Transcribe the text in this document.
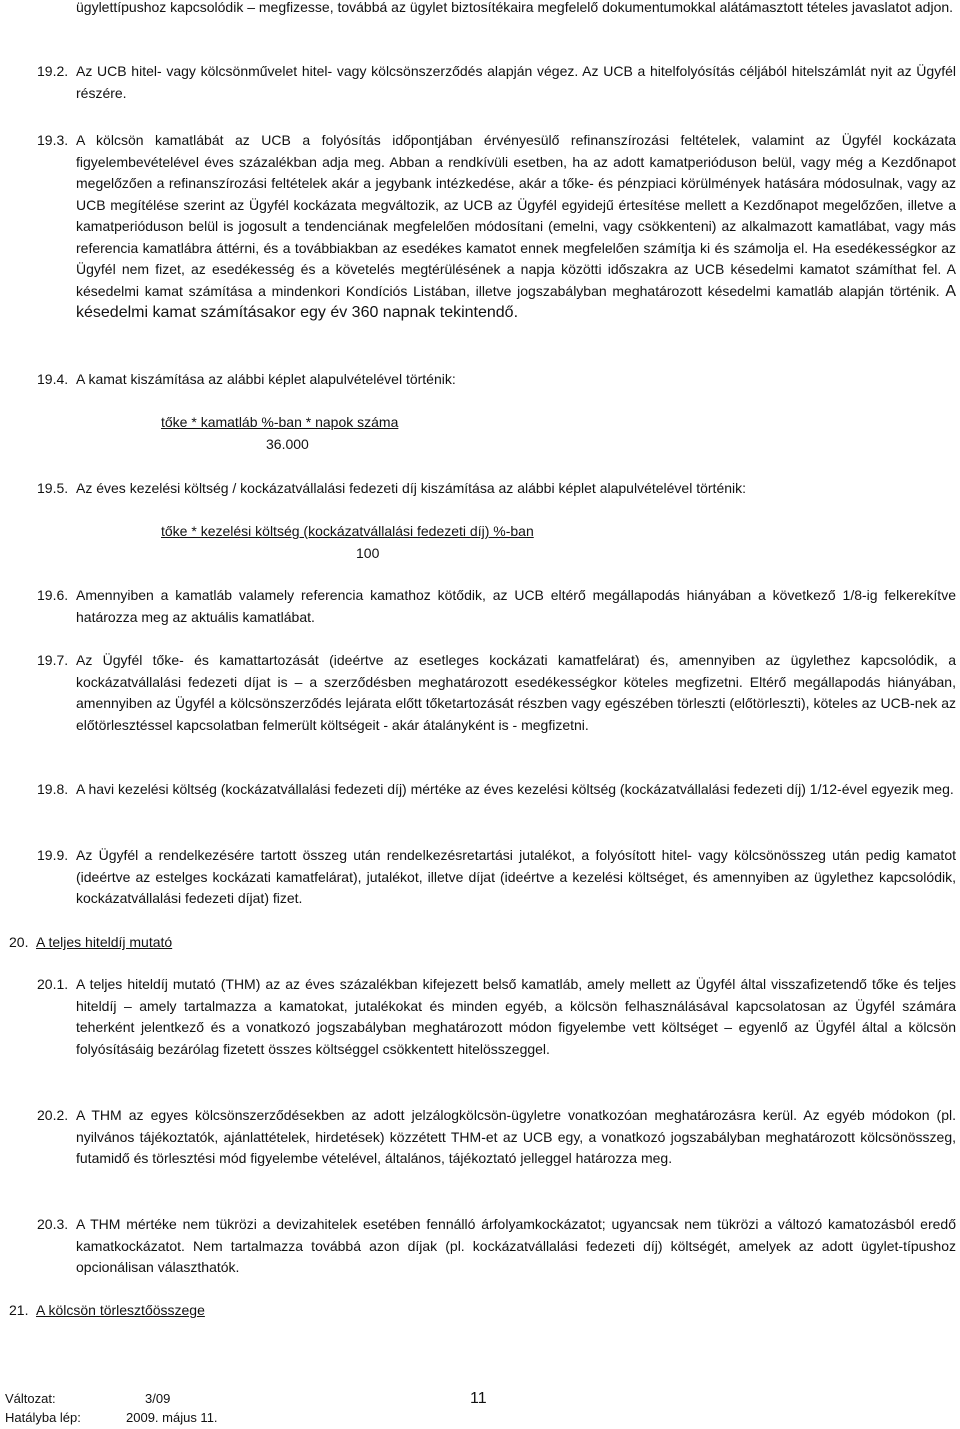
ügylettípushoz kapcsolódik – megfizesse, továbbá az ügylet biztosítékaira megfelelő dokumentumokkal alátámasztott tételes javaslatot adjon.
19.2. Az UCB hitel- vagy kölcsönművelet hitel- vagy kölcsönszerződés alapján végez. Az UCB a hitelfolyósítás céljából hitelszámlát nyit az Ügyfél részére.
19.3. A kölcsön kamatlábát az UCB a folyósítás időpontjában érvényesülő refinanszírozási feltételek, valamint az Ügyfél kockázata figyelembevételével éves százalékban adja meg. Abban a rendkívüli esetben, ha az adott kamatperióduson belül, vagy még a Kezdőnapot megelőzően a refinanszírozási feltételek akár a jegybank intézkedése, akár a tőke- és pénzpiaci körülmények hatására módosulnak, vagy az UCB megítélése szerint az Ügyfél kockázata megváltozik, az UCB az Ügyfél egyidejű értesítése mellett a Kezdőnapot megelőzően, illetve a kamatperióduson belül is jogosult a tendenciának megfelelően módosítani (emelni, vagy csökkenteni) az alkalmazott kamatlábat, vagy más referencia kamatlábra áttérni, és a továbbiakban az esedékes kamatot ennek megfelelően számítja ki és számolja el. Ha esedékességkor az Ügyfél nem fizet, az esedékesség és a követelés megtérülésének a napja közötti időszakra az UCB késedelmi kamatot számíthat fel. A késedelmi kamat számítása a mindenkori Kondíciós Listában, illetve jogszabályban meghatározott késedelmi kamatláb alapján történik. A késedelmi kamat számításakor egy év 360 napnak tekintendő.
19.4. A kamat kiszámítása az alábbi képlet alapulvételével történik:
tőke * kamatláb %-ban * napok száma
36.000
19.5. Az éves kezelési költség / kockázatvállalási fedezeti díj kiszámítása az alábbi képlet alapulvételével történik:
tőke * kezelési költség (kockázatvállalási fedezeti díj) %-ban
100
19.6. Amennyiben a kamatláb valamely referencia kamathoz kötődik, az UCB eltérő megállapodás hiányában a következő 1/8-ig felkerekítve határozza meg az aktuális kamatlábat.
19.7. Az Ügyfél tőke- és kamattartozását (ideértve az esetleges kockázati kamatfelárat) és, amennyiben az ügylethez kapcsolódik, a kockázatvállalási fedezeti díjat is – a szerződésben meghatározott esedékességkor köteles megfizetni. Eltérő megállapodás hiányában, amennyiben az Ügyfél a kölcsönszerződés lejárata előtt tőketartozását részben vagy egészében törleszti (előtörleszti), köteles az UCB-nek az előtörlesztéssel kapcsolatban felmerült költségeit - akár átalányként is - megfizetni.
19.8. A havi kezelési költség (kockázatvállalási fedezeti díj) mértéke az éves kezelési költség (kockázatvállalási fedezeti díj) 1/12-ével egyezik meg.
19.9. Az Ügyfél a rendelkezésére tartott összeg után rendelkezésretartási jutalékot, a folyósított hitel- vagy kölcsönösszeg után pedig kamatot (ideértve az estelges kockázati kamatfelárat), jutalékot, illetve díjat (ideértve a kezelési költséget, és amennyiben az ügylethez kapcsolódik, kockázatvállalási fedezeti díjat) fizet.
20. A teljes hiteldíj mutató
20.1. A teljes hiteldíj mutató (THM) az az éves százalékban kifejezett belső kamatláb, amely mellett az Ügyfél által visszafizetendő tőke és teljes hiteldíj – amely tartalmazza a kamatokat, jutalékokat és minden egyéb, a kölcsön felhasználásával kapcsolatosan az Ügyfél számára teherként jelentkező és a vonatkozó jogszabályban meghatározott módon figyelembe vett költséget – egyenlő az Ügyfél által a kölcsön folyósításáig bezárólag fizetett összes költséggel csökkentett hitelösszeggel.
20.2. A THM az egyes kölcsönszerződésekben az adott jelzálogkölcsön-ügyletre vonatkozóan meghatározásra kerül. Az egyéb módokon (pl. nyilvános tájékoztatók, ajánlattételek, hirdetések) közzétett THM-et az UCB egy, a vonatkozó jogszabályban meghatározott kölcsönösszeg, futamidő és törlesztési mód figyelembe vételével, általános, tájékoztató jelleggel határozza meg.
20.3. A THM mértéke nem tükrözi a devizahitelek esetében fennálló árfolyamkockázatot; ugyancsak nem tükrözi a változó kamatozásból eredő kamatkockázatot. Nem tartalmazza továbbá azon díjak (pl. kockázatvállalási fedezeti díj) költségét, amelyek az adott ügylet-típushoz opcionálisan választhatók.
21. A kölcsön törlesztőösszege
Változat:	3/09
Hatályba lép:	2009. május 11.
11
